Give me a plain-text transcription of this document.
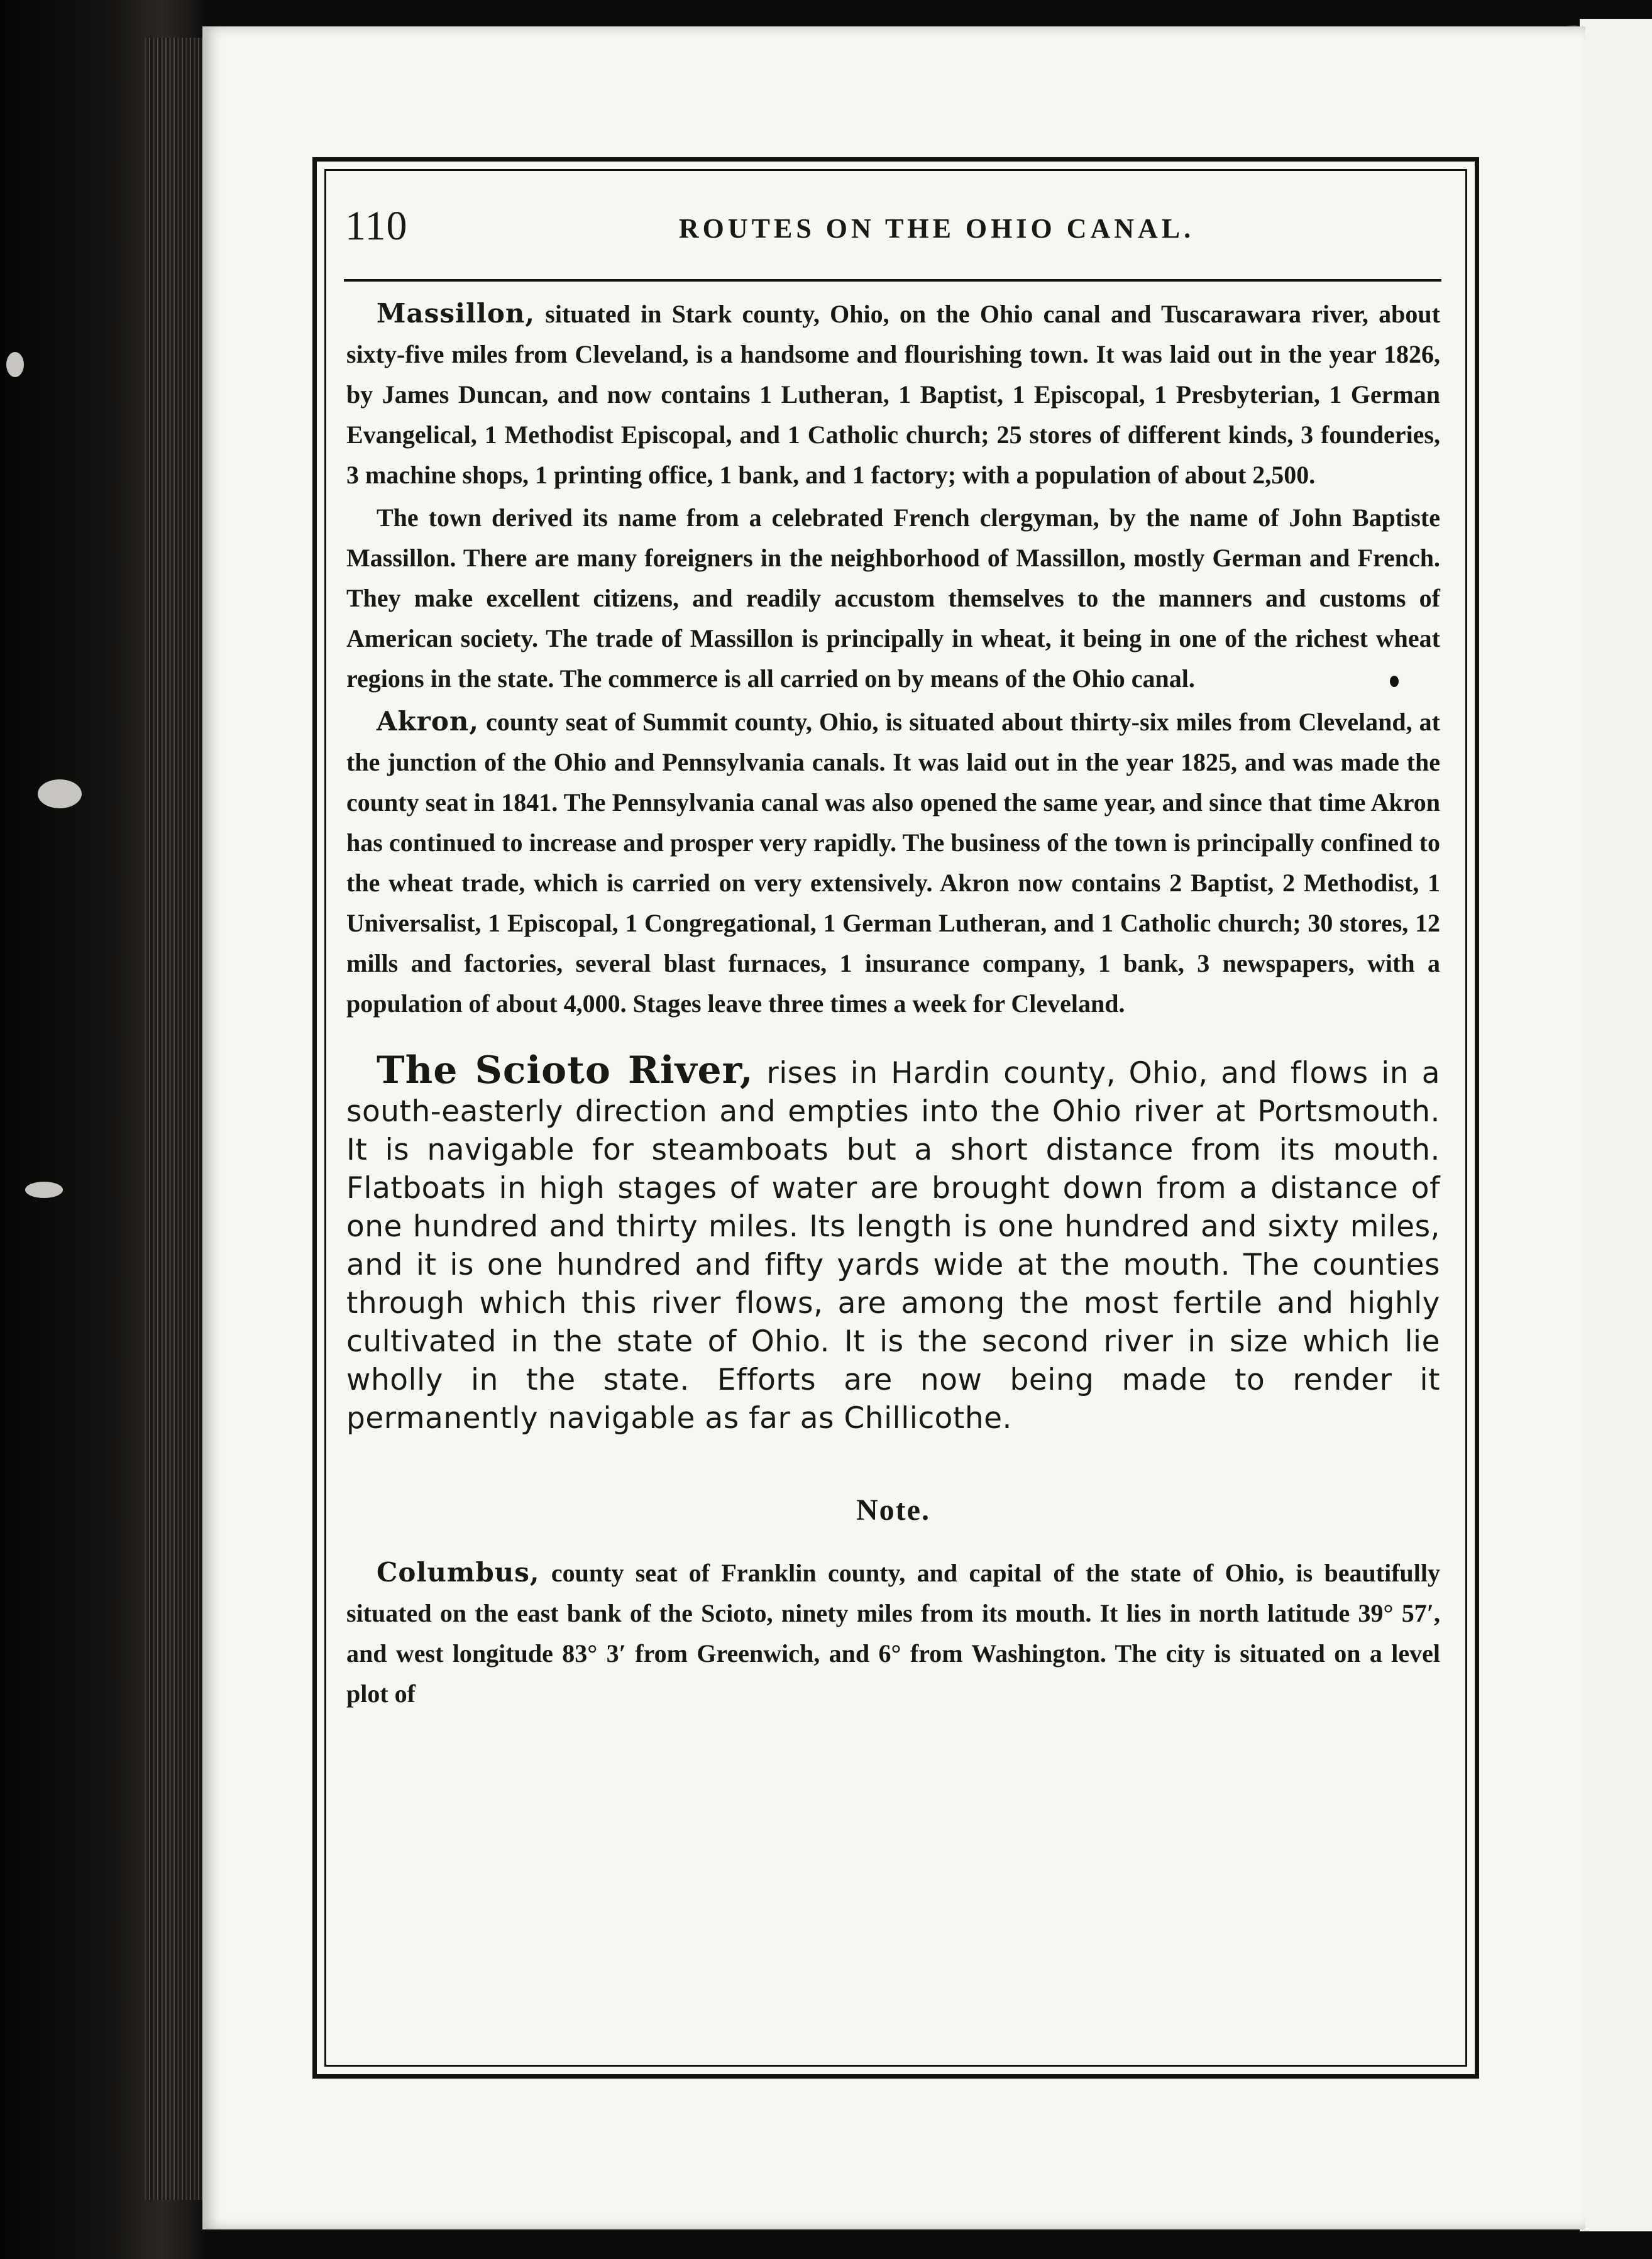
110	ROUTES ON THE OHIO CANAL.

Massillon, situated in Stark county, Ohio, on the Ohio canal and Tuscarawara river, about sixty-five miles from Cleveland, is a handsome and flourishing town. It was laid out in the year 1826, by James Duncan, and now contains 1 Lutheran, 1 Baptist, 1 Episcopal, 1 Presbyterian, 1 German Evangelical, 1 Methodist Episcopal, and 1 Catholic church; 25 stores of different kinds, 3 founderies, 3 machine shops, 1 printing office, 1 bank, and 1 factory; with a population of about 2,500.

The town derived its name from a celebrated French clergyman, by the name of John Baptiste Massillon. There are many foreigners in the neighborhood of Massillon, mostly German and French. They make excellent citizens, and readily accustom themselves to the manners and customs of American society. The trade of Massillon is principally in wheat, it being in one of the richest wheat regions in the state. The commerce is all carried on by means of the Ohio canal.

Akron, county seat of Summit county, Ohio, is situated about thirty-six miles from Cleveland, at the junction of the Ohio and Pennsylvania canals. It was laid out in the year 1825, and was made the county seat in 1841. The Pennsylvania canal was also opened the same year, and since that time Akron has continued to increase and prosper very rapidly. The business of the town is principally confined to the wheat trade, which is carried on very extensively. Akron now contains 2 Baptist, 2 Methodist, 1 Universalist, 1 Episcopal, 1 Congregational, 1 German Lutheran, and 1 Catholic church; 30 stores, 12 mills and factories, several blast furnaces, 1 insurance company, 1 bank, 3 newspapers, with a population of about 4,000. Stages leave three times a week for Cleveland.

The Scioto River, rises in Hardin county, Ohio, and flows in a south-easterly direction and empties into the Ohio river at Portsmouth. It is navigable for steamboats but a short distance from its mouth. Flatboats in high stages of water are brought down from a distance of one hundred and thirty miles. Its length is one hundred and sixty miles, and it is one hundred and fifty yards wide at the mouth. The counties through which this river flows, are among the most fertile and highly cultivated in the state of Ohio. It is the second river in size which lie wholly in the state. Efforts are now being made to render it permanently navigable as far as Chillicothe.

Note.

Columbus, county seat of Franklin county, and capital of the state of Ohio, is beautifully situated on the east bank of the Scioto, ninety miles from its mouth. It lies in north latitude 39° 57′, and west longitude 83° 3′ from Greenwich, and 6° from Washington. The city is situated on a level plot of
